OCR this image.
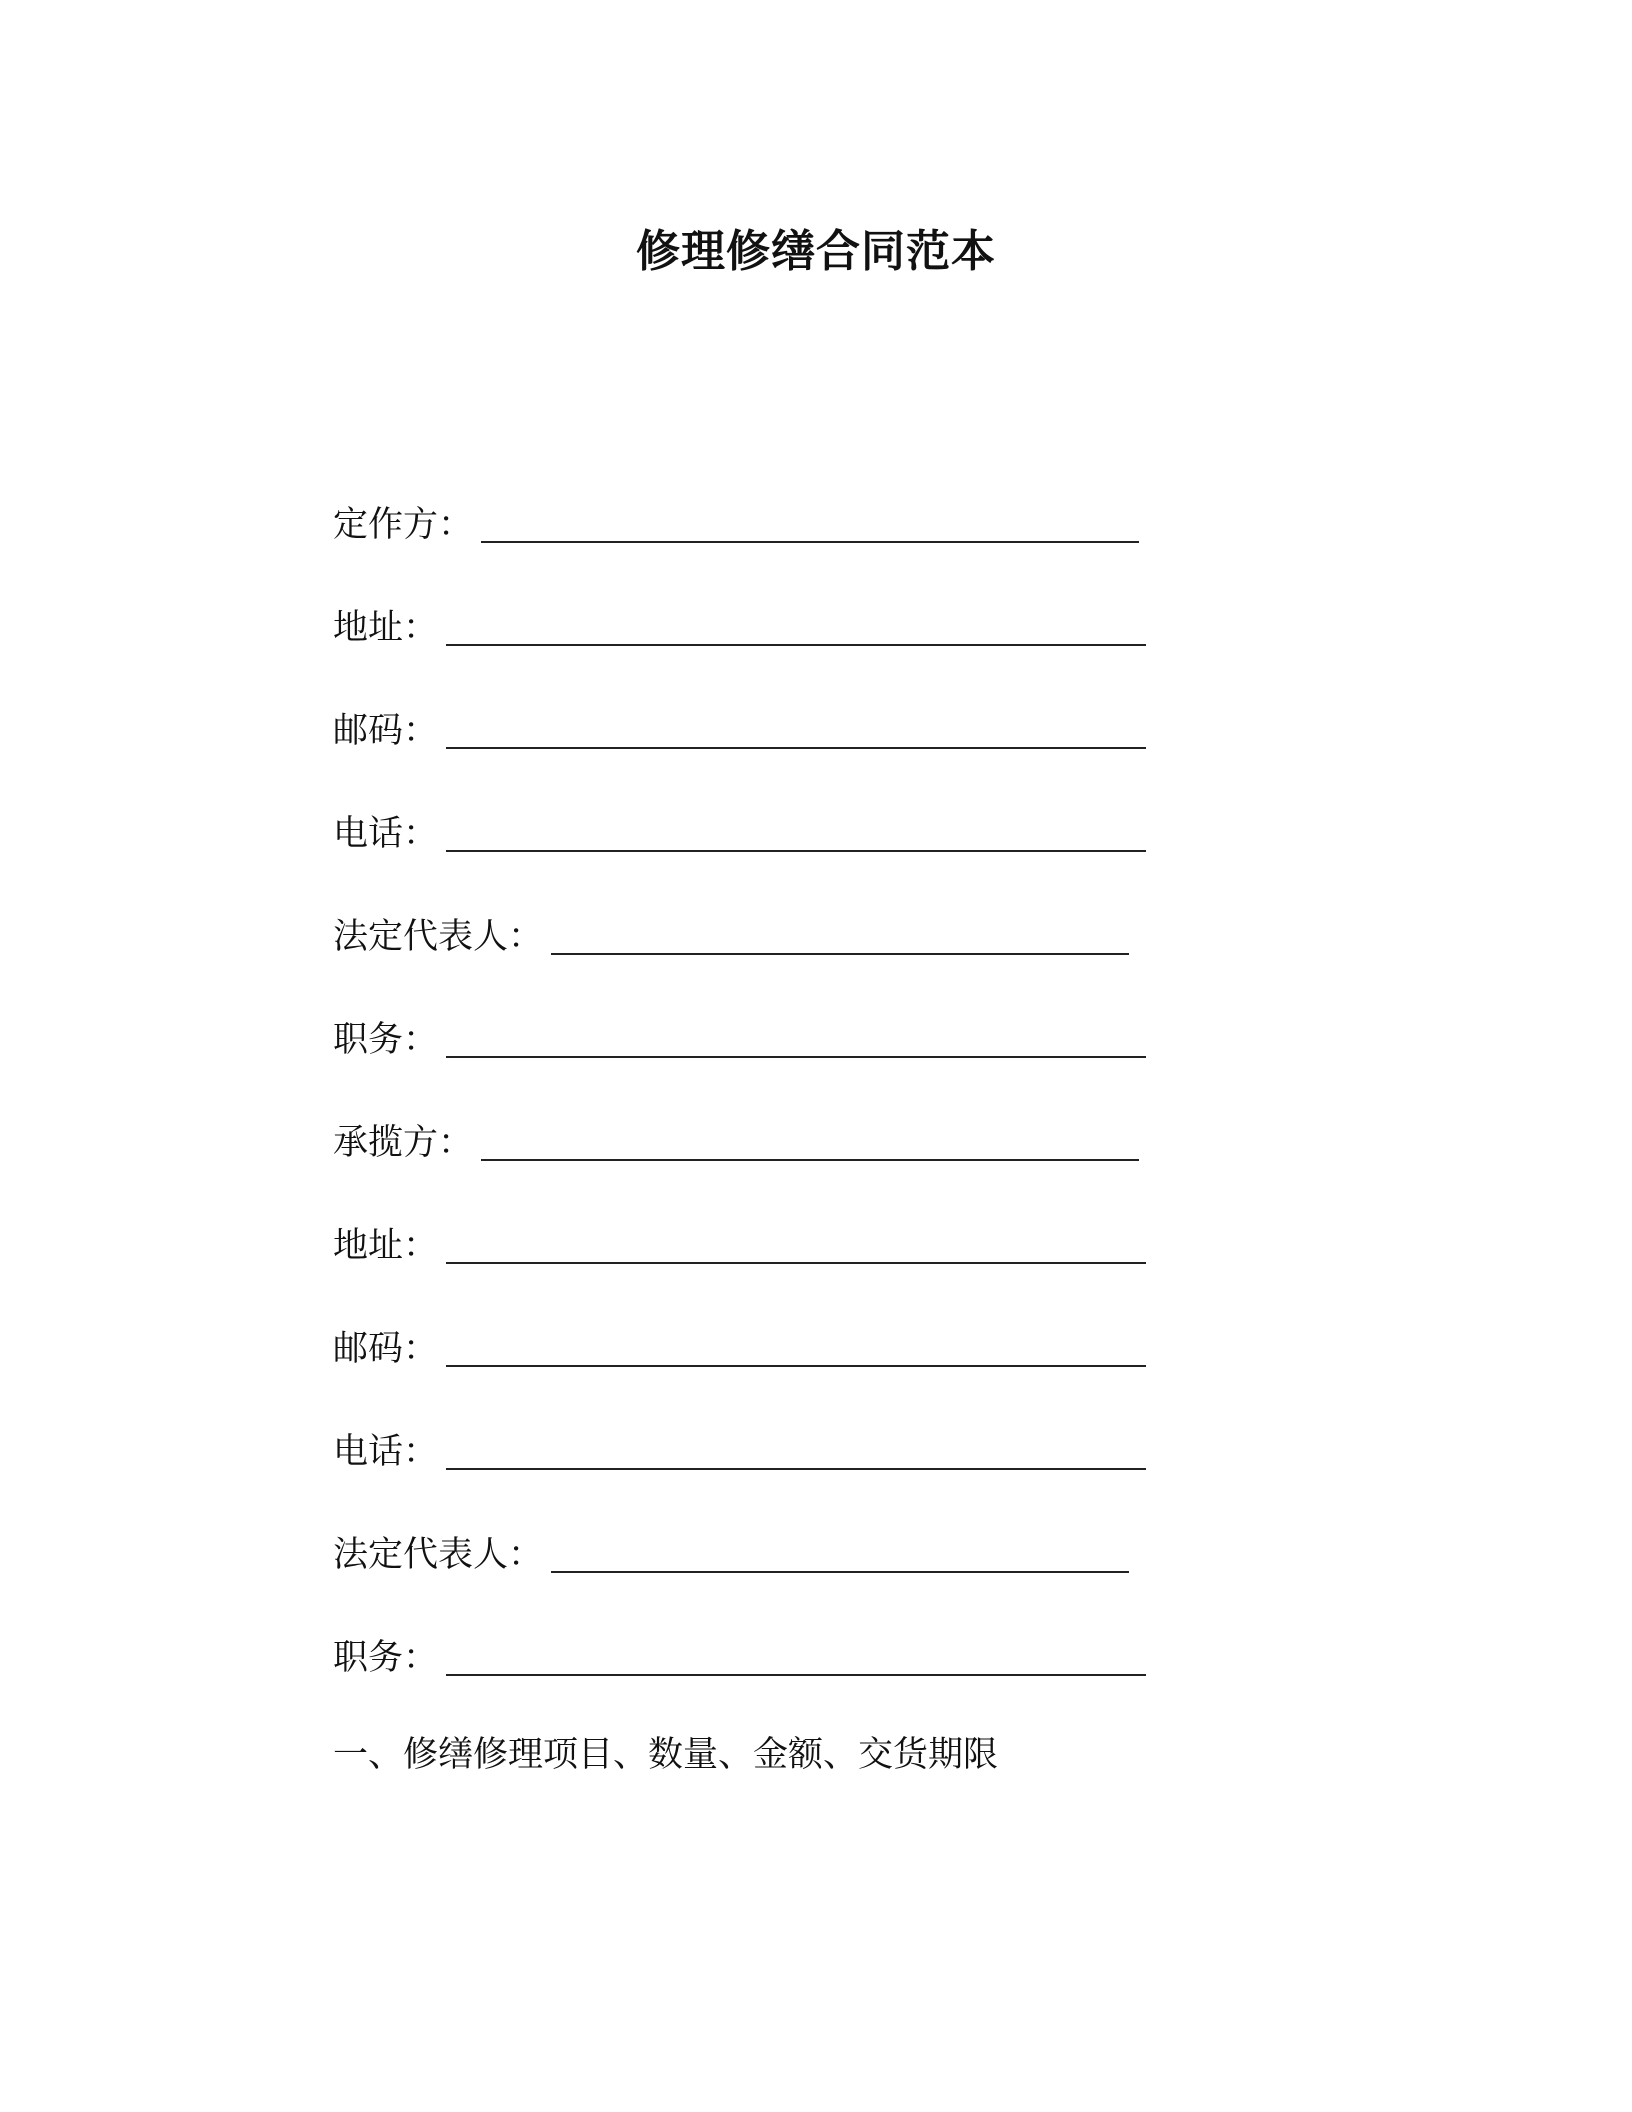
修理修缮合同范本
定作方：
地址：
邮码：
电话：
法定代表人：
职务：
承揽方：
地址：
邮码：
电话：
法定代表人：
职务：
一、修缮修理项目、数量、金额、交货期限
